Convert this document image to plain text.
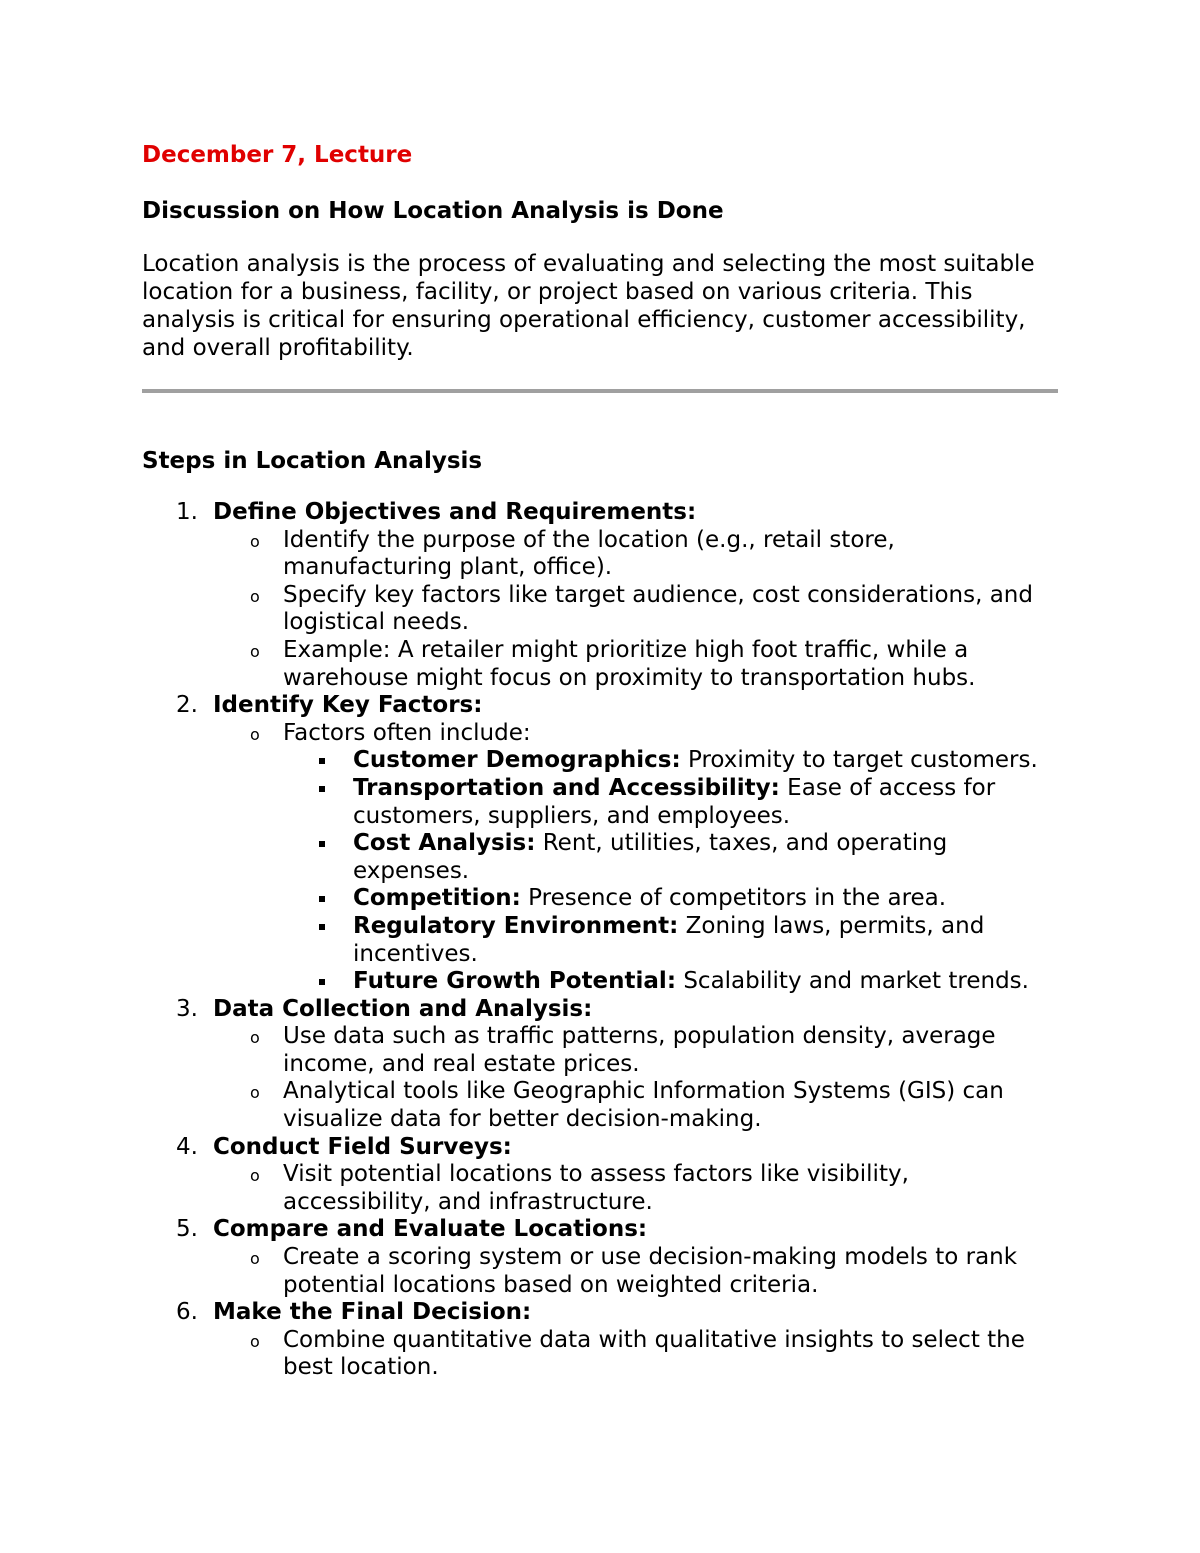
December 7, Lecture
Discussion on How Location Analysis is Done

Location analysis is the process of evaluating and selecting the most suitable

location for a business, facility, or project based on various criteria. This

analysis is critical for ensuring operational efficiency, customer accessibility,

and overall profitability.

Steps in Location Analysis
1. Define Objectives and Requirements:
o Identify the purpose of the location (e.g., retail store,
manufacturing plant, office).
o Specify key factors like target audience, cost considerations, and
logistical needs.
o Example: A retailer might prioritize high foot traffic, while a
warehouse might focus on proximity to transportation hubs.
2. Identify Key Factors:
o Factors often include:
Customer Demographics: Proximity to target customers.
Transportation and Accessibility: Ease of access for
customers, suppliers, and employees.
Cost Analysis: Rent, utilities, taxes, and operating
expenses.
Competition: Presence of competitors in the area.
Regulatory Environment: Zoning laws, permits, and
incentives.
Future Growth Potential: Scalability and market trends.
3. Data Collection and Analysis:
o Use data such as traffic patterns, population density, average
income, and real estate prices.
o Analytical tools like Geographic Information Systems (GIS) can
visualize data for better decision-making.
4. Conduct Field Surveys:
o Visit potential locations to assess factors like visibility,
accessibility, and infrastructure.
5. Compare and Evaluate Locations:
o Create a scoring system or use decision-making models to rank
potential locations based on weighted criteria.
6. Make the Final Decision:
o Combine quantitative data with qualitative insights to select the
best location.
